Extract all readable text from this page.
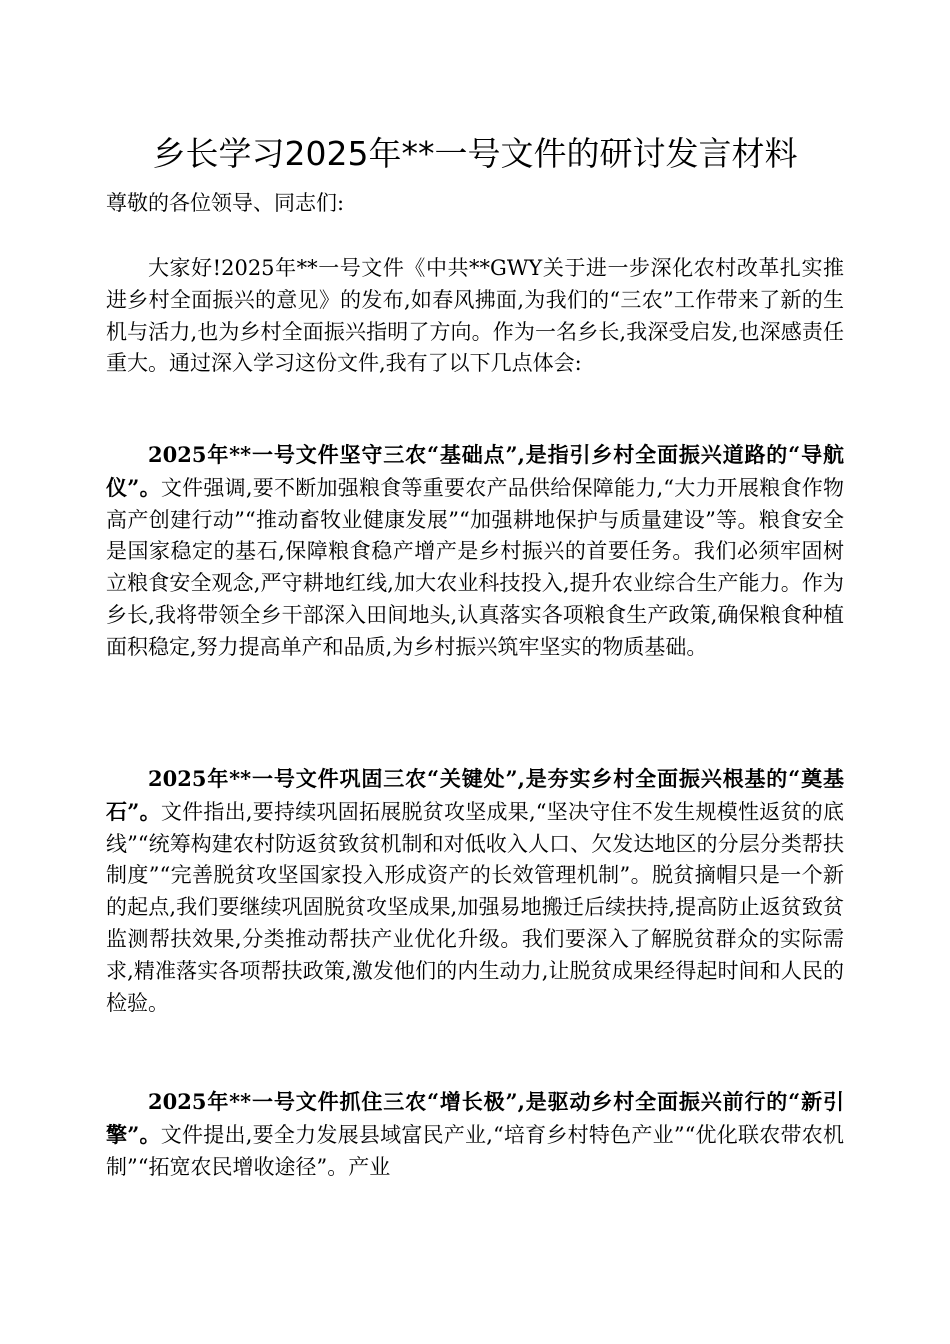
乡长学习2025年**一号文件的研讨发言材料

尊敬的各位领导、同志们:

大家好!2025年**一号文件《中共**GWY关于进一步深化农村改革扎实推进乡村全面振兴的意见》的发布,如春风拂面,为我们的“三农”工作带来了新的生机与活力,也为乡村全面振兴指明了方向。作为一名乡长,我深受启发,也深感责任重大。通过深入学习这份文件,我有了以下几点体会:

2025年**一号文件坚守三农“基础点”,是指引乡村全面振兴道路的“导航仪”。文件强调,要不断加强粮食等重要农产品供给保障能力,“大力开展粮食作物高产创建行动”“推动畜牧业健康发展”“加强耕地保护与质量建设”等。粮食安全是国家稳定的基石,保障粮食稳产增产是乡村振兴的首要任务。我们必须牢固树立粮食安全观念,严守耕地红线,加大农业科技投入,提升农业综合生产能力。作为乡长,我将带领全乡干部深入田间地头,认真落实各项粮食生产政策,确保粮食种植面积稳定,努力提高单产和品质,为乡村振兴筑牢坚实的物质基础。

2025年**一号文件巩固三农“关键处”,是夯实乡村全面振兴根基的“奠基石”。文件指出,要持续巩固拓展脱贫攻坚成果,“坚决守住不发生规模性返贫的底线”“统筹构建农村防返贫致贫机制和对低收入人口、欠发达地区的分层分类帮扶制度”“完善脱贫攻坚国家投入形成资产的长效管理机制”。脱贫摘帽只是一个新的起点,我们要继续巩固脱贫攻坚成果,加强易地搬迁后续扶持,提高防止返贫致贫监测帮扶效果,分类推动帮扶产业优化升级。我们要深入了解脱贫群众的实际需求,精准落实各项帮扶政策,激发他们的内生动力,让脱贫成果经得起时间和人民的检验。

2025年**一号文件抓住三农“增长极”,是驱动乡村全面振兴前行的“新引擎”。文件提出,要全力发展县域富民产业,“培育乡村特色产业”“优化联农带农机制”“拓宽农民增收途径”。产业
